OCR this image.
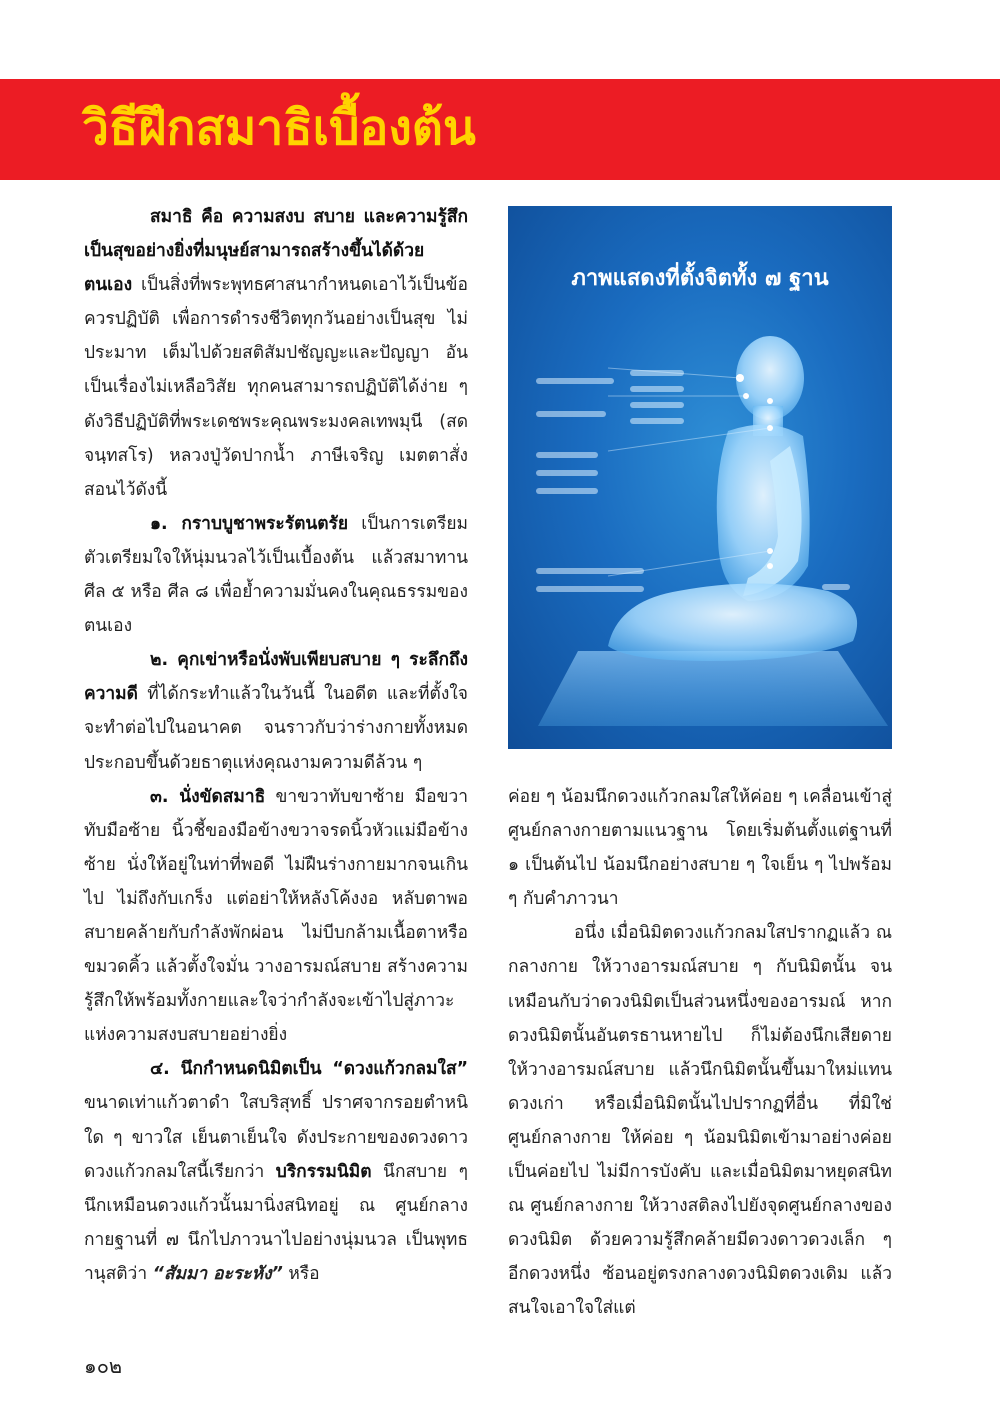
วิธีฝึกสมาธิเบื้องต้น

สมาธิ คือ ความสงบ สบาย และความรู้สึกเป็นสุขอย่างยิ่งที่มนุษย์สามารถสร้างขึ้นได้ด้วยตนเอง เป็นสิ่งที่พระพุทธศาสนากำหนดเอาไว้เป็นข้อควรปฏิบัติ เพื่อการดำรงชีวิตทุกวันอย่างเป็นสุข ไม่ประมาท เต็มไปด้วยสติสัมปชัญญะและปัญญา อันเป็นเรื่องไม่เหลือวิสัย ทุกคนสามารถปฏิบัติได้ง่าย ๆ ดังวิธีปฏิบัติที่พระเดชพระคุณพระมงคลเทพมุนี (สด จนฺทสโร) หลวงปู่วัดปากน้ำ ภาษีเจริญ เมตตาสั่งสอนไว้ดังนี้

๑. กราบบูชาพระรัตนตรัย เป็นการเตรียมตัวเตรียมใจให้นุ่มนวลไว้เป็นเบื้องต้น แล้วสมาทานศีล ๕ หรือ ศีล ๘ เพื่อย้ำความมั่นคงในคุณธรรมของตนเอง

๒. คุกเข่าหรือนั่งพับเพียบสบาย ๆ ระลึกถึงความดี ที่ได้กระทำแล้วในวันนี้ ในอดีต และที่ตั้งใจจะทำต่อไปในอนาคต จนราวกับว่าร่างกายทั้งหมดประกอบขึ้นด้วยธาตุแห่งคุณงามความดีล้วน ๆ

๓. นั่งขัดสมาธิ ขาขวาทับขาซ้าย มือขวาทับมือซ้าย นิ้วชี้ของมือข้างขวาจรดนิ้วหัวแม่มือข้างซ้าย นั่งให้อยู่ในท่าที่พอดี ไม่ฝืนร่างกายมากจนเกินไป ไม่ถึงกับเกร็ง แต่อย่าให้หลังโค้งงอ หลับตาพอสบายคล้ายกับกำลังพักผ่อน ไม่บีบกล้ามเนื้อตาหรือขมวดคิ้ว แล้วตั้งใจมั่น วางอารมณ์สบาย สร้างความรู้สึกให้พร้อมทั้งกายและใจว่ากำลังจะเข้าไปสู่ภาวะแห่งความสงบสบายอย่างยิ่ง

๔. นึกกำหนดนิมิตเป็น “ดวงแก้วกลมใส” ขนาดเท่าแก้วตาดำ ใสบริสุทธิ์ ปราศจากรอยตำหนิใด ๆ ขาวใส เย็นตาเย็นใจ ดังประกายของดวงดาว ดวงแก้วกลมใสนี้เรียกว่า บริกรรมนิมิต นึกสบาย ๆ นึกเหมือนดวงแก้วนั้นมานิ่งสนิทอยู่ ณ ศูนย์กลางกายฐานที่ ๗ นึกไปภาวนาไปอย่างนุ่มนวล เป็นพุทธานุสติว่า “สัมมา อะระหัง” หรือ

ภาพแสดงที่ตั้งจิตทั้ง ๗ ฐาน

ค่อย ๆ น้อมนึกดวงแก้วกลมใสให้ค่อย ๆ เคลื่อนเข้าสู่ศูนย์กลางกายตามแนวฐาน โดยเริ่มต้นตั้งแต่ฐานที่ ๑ เป็นต้นไป น้อมนึกอย่างสบาย ๆ ใจเย็น ๆ ไปพร้อม ๆ กับคำภาวนา

อนึ่ง เมื่อนิมิตดวงแก้วกลมใสปรากฏแล้ว ณ กลางกาย ให้วางอารมณ์สบาย ๆ กับนิมิตนั้น จนเหมือนกับว่าดวงนิมิตเป็นส่วนหนึ่งของอารมณ์ หากดวงนิมิตนั้นอันตรธานหายไป ก็ไม่ต้องนึกเสียดาย ให้วางอารมณ์สบาย แล้วนึกนิมิตนั้นขึ้นมาใหม่แทนดวงเก่า หรือเมื่อนิมิตนั้นไปปรากฏที่อื่น ที่มิใช่ศูนย์กลางกาย ให้ค่อย ๆ น้อมนิมิตเข้ามาอย่างค่อยเป็นค่อยไป ไม่มีการบังคับ และเมื่อนิมิตมาหยุดสนิท ณ ศูนย์กลางกาย ให้วางสติลงไปยังจุดศูนย์กลางของดวงนิมิต ด้วยความรู้สึกคล้ายมีดวงดาวดวงเล็ก ๆ อีกดวงหนึ่ง ซ้อนอยู่ตรงกลางดวงนิมิตดวงเดิม แล้วสนใจเอาใจใส่แต่

๑๐๒
